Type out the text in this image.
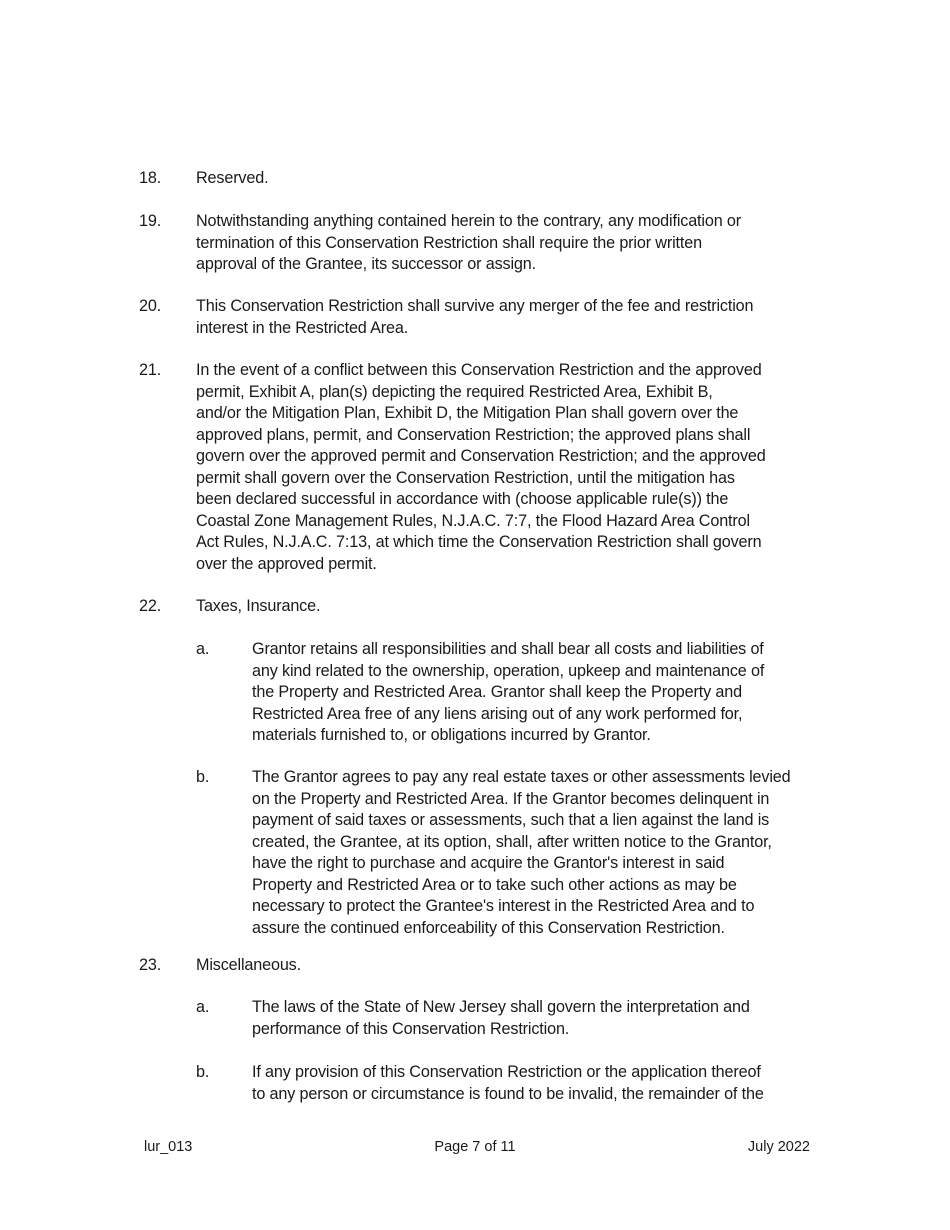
18. Reserved.
19. Notwithstanding anything contained herein to the contrary, any modification or
termination of this Conservation Restriction shall require the prior written
approval of the Grantee, its successor or assign.
20. This Conservation Restriction shall survive any merger of the fee and restriction
interest in the Restricted Area.
21. In the event of a conflict between this Conservation Restriction and the approved
permit, Exhibit A, plan(s) depicting the required Restricted Area, Exhibit B,
and/or the Mitigation Plan, Exhibit D, the Mitigation Plan shall govern over the
approved plans, permit, and Conservation Restriction; the approved plans shall
govern over the approved permit and Conservation Restriction; and the approved
permit shall govern over the Conservation Restriction, until the mitigation has
been declared successful in accordance with (choose applicable rule(s)) the
Coastal Zone Management Rules, N.J.A.C. 7:7, the Flood Hazard Area Control
Act Rules, N.J.A.C. 7:13, at which time the Conservation Restriction shall govern
over the approved permit.
22. Taxes, Insurance.
a.	Grantor retains all responsibilities and shall bear all costs and liabilities of
any kind related to the ownership, operation, upkeep and maintenance of
the Property and Restricted Area. Grantor shall keep the Property and
Restricted Area free of any liens arising out of any work performed for,
materials furnished to, or obligations incurred by Grantor.
b.	The Grantor agrees to pay any real estate taxes or other assessments levied
on the Property and Restricted Area. If the Grantor becomes delinquent in
payment of said taxes or assessments, such that a lien against the land is
created, the Grantee, at its option, shall, after written notice to the Grantor,
have the right to purchase and acquire the Grantor's interest in said
Property and Restricted Area or to take such other actions as may be
necessary to protect the Grantee's interest in the Restricted Area and to
assure the continued enforceability of this Conservation Restriction.
23. Miscellaneous.
a.	The laws of the State of New Jersey shall govern the interpretation and
performance of this Conservation Restriction.
b.	If any provision of this Conservation Restriction or the application thereof
to any person or circumstance is found to be invalid, the remainder of the
Page 7 of 11
lur_013	July 2022
